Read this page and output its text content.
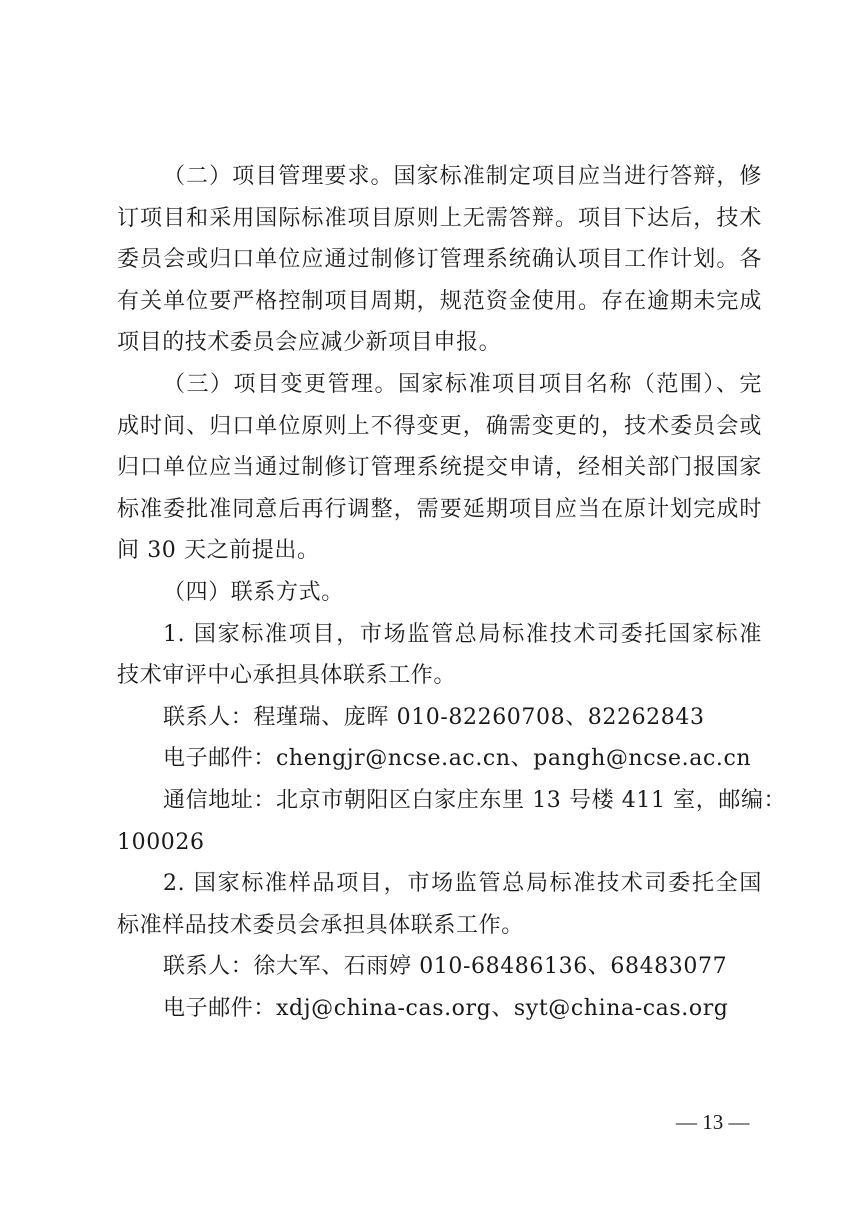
（二）项目管理要求。国家标准制定项目应当进行答辩，修
订项目和采用国际标准项目原则上无需答辩。项目下达后，技术
委员会或归口单位应通过制修订管理系统确认项目工作计划。各
有关单位要严格控制项目周期，规范资金使用。存在逾期未完成
项目的技术委员会应减少新项目申报。
（三）项目变更管理。国家标准项目项目名称（范围）、完
成时间、归口单位原则上不得变更，确需变更的，技术委员会或
归口单位应当通过制修订管理系统提交申请，经相关部门报国家
标准委批准同意后再行调整，需要延期项目应当在原计划完成时
间 30 天之前提出。
（四）联系方式。
1. 国家标准项目，市场监管总局标准技术司委托国家标准
技术审评中心承担具体联系工作。
联系人：程瑾瑞、庞晖 010-82260708、82262843
电子邮件：chengjr@ncse.ac.cn、pangh@ncse.ac.cn
通信地址：北京市朝阳区白家庄东里 13 号楼 411 室，邮编：
100026
2. 国家标准样品项目，市场监管总局标准技术司委托全国
标准样品技术委员会承担具体联系工作。
联系人：徐大军、石雨婷 010-68486136、68483077
电子邮件：xdj@china-cas.org、syt@china-cas.org
— 13 —
